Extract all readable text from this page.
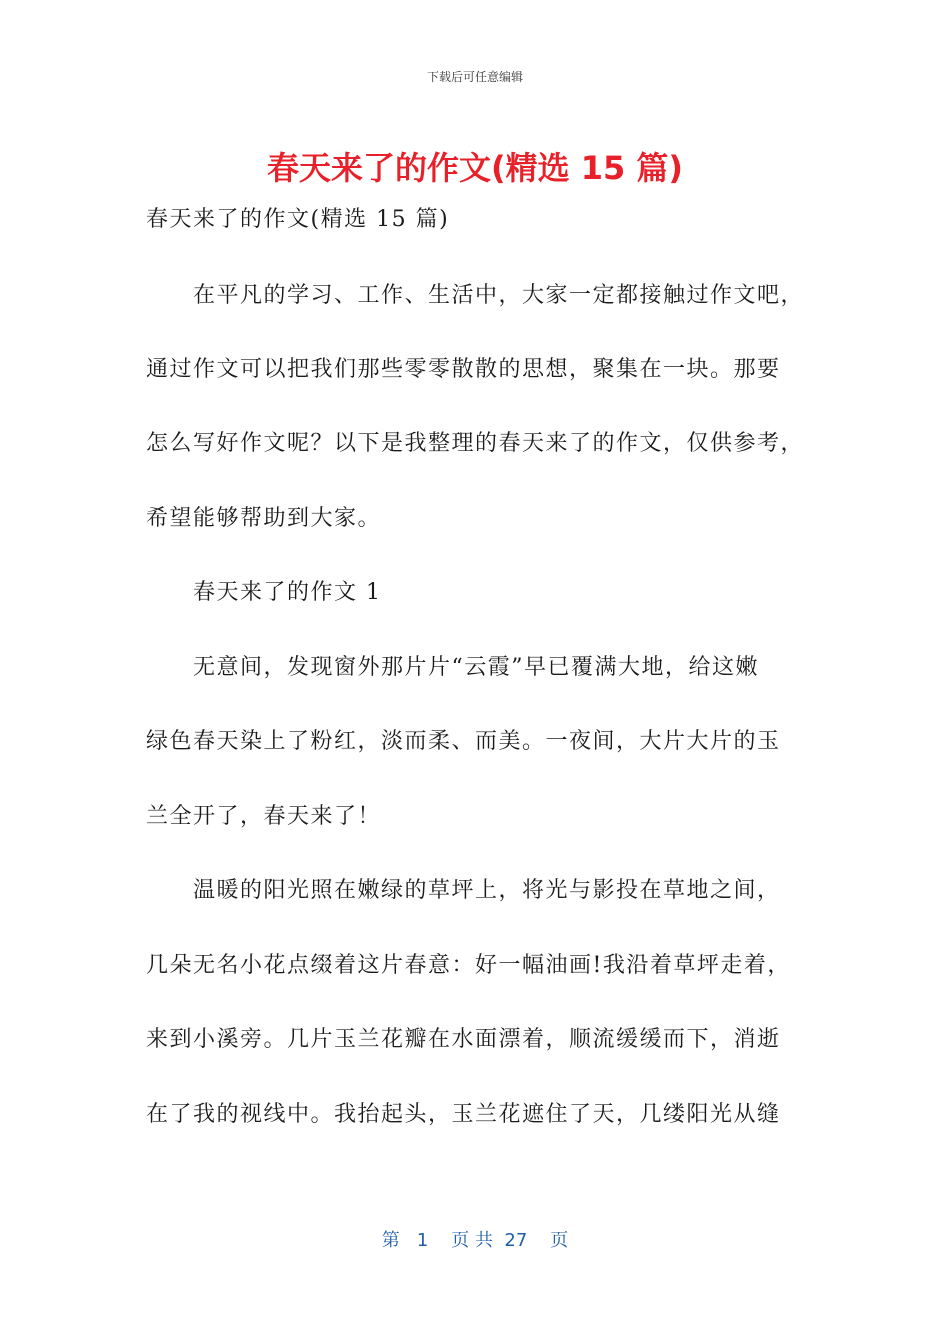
下载后可任意编辑
春天来了的作文(精选 15 篇)
春天来了的作文(精选 15 篇)
在平凡的学习、工作、生活中，大家一定都接触过作文吧，
通过作文可以把我们那些零零散散的思想，聚集在一块。那要
怎么写好作文呢？以下是我整理的春天来了的作文，仅供参考，
希望能够帮助到大家。
春天来了的作文 1
无意间，发现窗外那片片“云霞”早已覆满大地，给这嫩
绿色春天染上了粉红，淡而柔、而美。一夜间，大片大片的玉
兰全开了，春天来了！
温暖的阳光照在嫩绿的草坪上，将光与影投在草地之间，
几朵无名小花点缀着这片春意：好一幅油画!我沿着草坪走着，
来到小溪旁。几片玉兰花瓣在水面漂着，顺流缓缓而下，消逝
在了我的视线中。我抬起头，玉兰花遮住了天，几缕阳光从缝
第   1    页 共  27    页
